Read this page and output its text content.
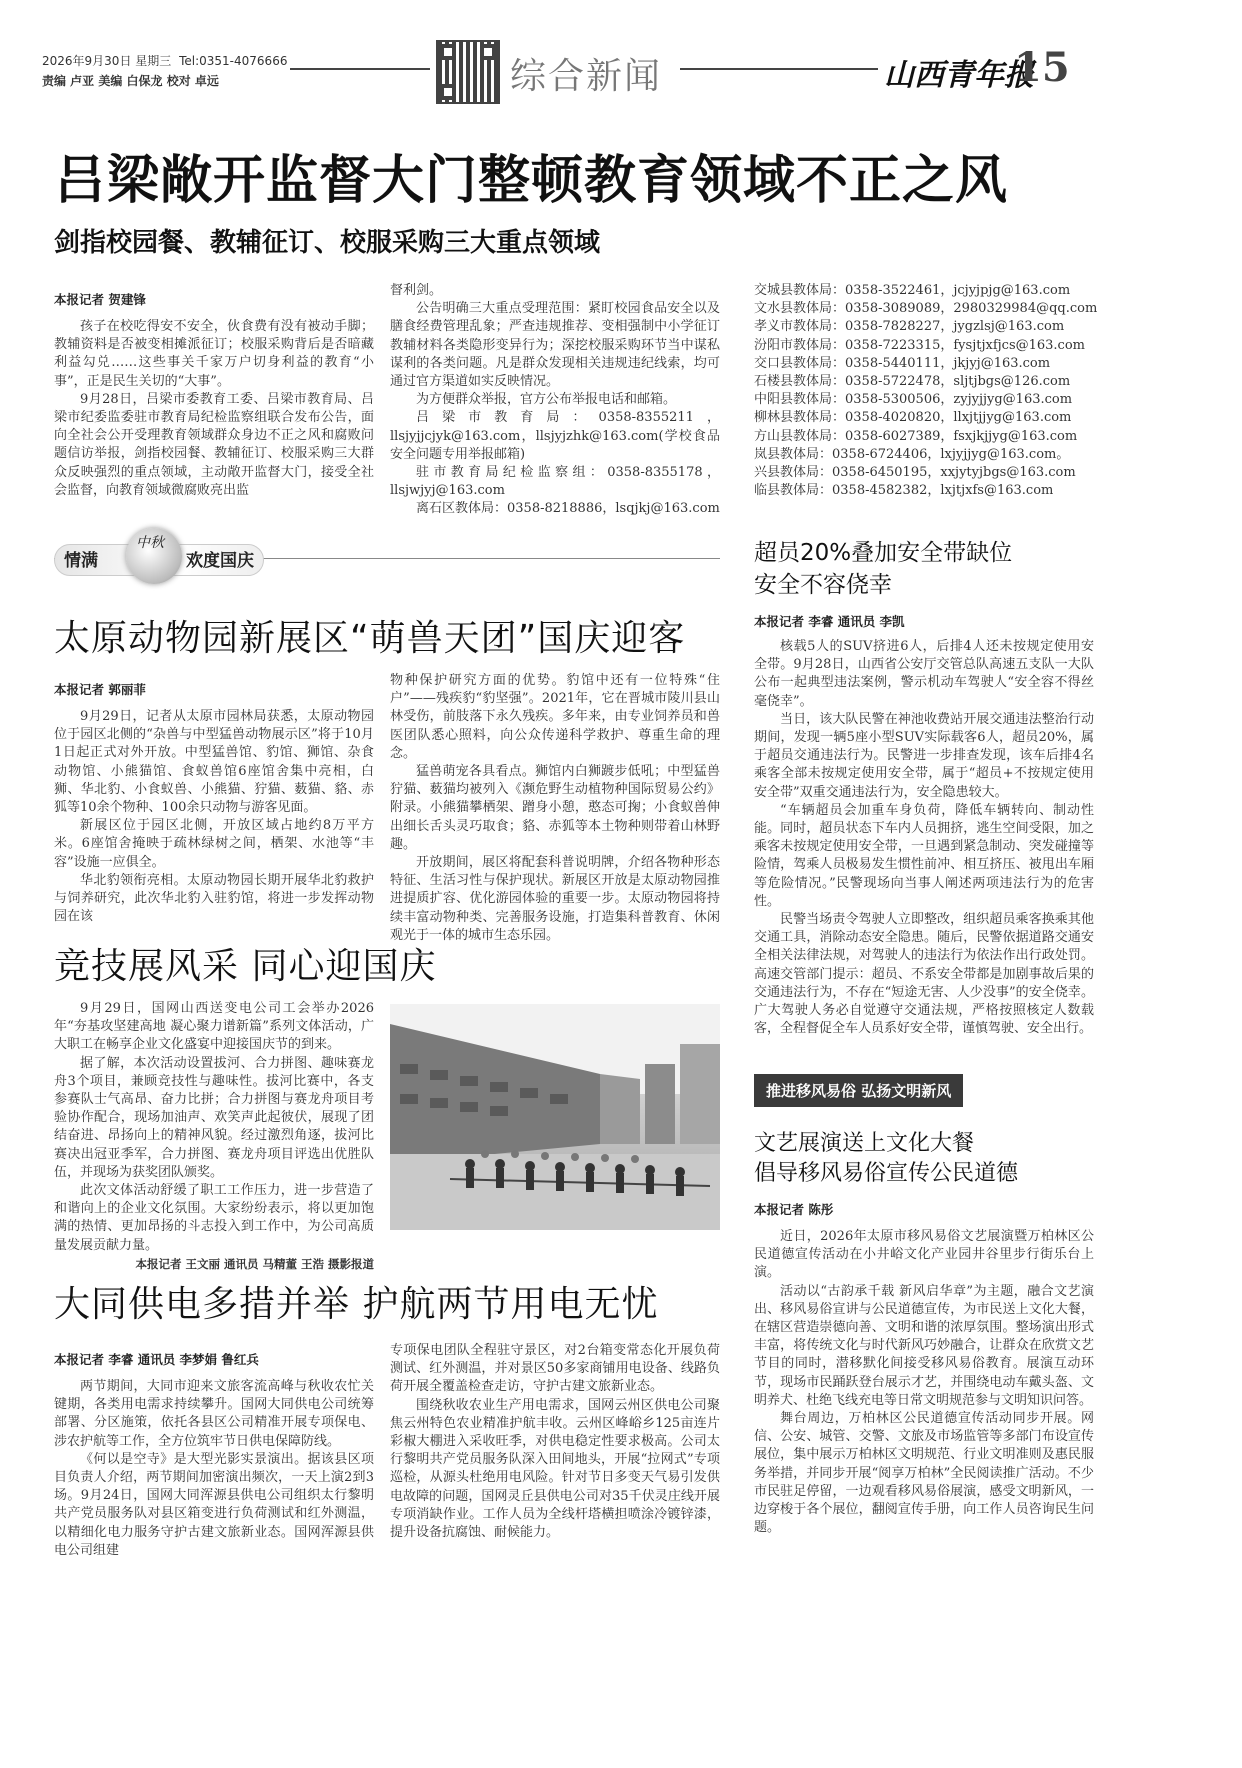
2026年9月30日 星期三 Tel:0351-4076666
责编 卢亚 美编 白保龙 校对 卓远	综合新闻	山西青年报
15
吕梁敞开监督大门整顿教育领域不正之风
剑指校园餐、教辅征订、校服采购三大重点领域
本报记者 贺建锋

孩子在校吃得安不安全，伙食费有没有被动手脚；教辅资料是否被变相摊派征订；校服采购背后是否暗藏利益勾兑……这些事关千家万户切身利益的教育“小事”，正是民生关切的“大事”。

9月28日，吕梁市委教育工委、吕梁市教育局、吕梁市纪委监委驻市教育局纪检监察组联合发布公告，面向全社会公开受理教育领域群众身边不正之风和腐败问题信访举报，剑指校园餐、教辅征订、校服采购三大群众反映强烈的重点领域，主动敞开监督大门，接受全社会监督，向教育领域微腐败亮出监

督利剑。

公告明确三大重点受理范围：紧盯校园食品安全以及膳食经费管理乱象；严查违规推荐、变相强制中小学征订教辅材料各类隐形变异行为；深挖校服采购环节当中谋私谋利的各类问题。凡是群众发现相关违规违纪线索，均可通过官方渠道如实反映情况。

为方便群众举报，官方公布举报电话和邮箱。

吕梁市教育局：0358-8355211，llsjyjjcjyk@163.com，llsjyjzhk@163.com(学校食品安全问题专用举报邮箱)

驻市教育局纪检监察组：0358-8355178，llsjwjyj@163.com

离石区教体局：0358-8218886，lsqjkj@163.com

交城县教体局：0358-3522461，jcjyjpjg@163.com
文水县教体局：0358-3089089，2980329984@qq.com
孝义市教体局：0358-7828227，jygzlsj@163.com
汾阳市教体局：0358-7223315，fysjtjxfjcs@163.com
交口县教体局：0358-5440111，jkjyj@163.com
石楼县教体局：0358-5722478，sljtjbgs@126.com
中阳县教体局：0358-5300506，zyjyjjyg@163.com
柳林县教体局：0358-4020820，llxjtjjyg@163.com
方山县教体局：0358-6027389，fsxjkjjyg@163.com
岚县教体局：0358-6724406，lxjyjjyg@163.com。
兴县教体局：0358-6450195，xxjytyjbgs@163.com
临县教体局：0358-4582382，lxjtjxfs@163.com
情满
中秋
欢度国庆
太原动物园新展区“萌兽天团”国庆迎客
本报记者 郭丽菲

9月29日，记者从太原市园林局获悉，太原动物园位于园区北侧的“杂兽与中型猛兽动物展示区”将于10月1日起正式对外开放。中型猛兽馆、豹馆、狮馆、杂食动物馆、小熊猫馆、食蚁兽馆6座馆舍集中亮相，白狮、华北豹、小食蚁兽、小熊猫、狞猫、薮猫、貉、赤狐等10余个物种、100余只动物与游客见面。

新展区位于园区北侧，开放区域占地约8万平方米。6座馆舍掩映于疏林绿树之间，栖架、水池等“丰容”设施一应俱全。

华北豹领衔亮相。太原动物园长期开展华北豹救护与饲养研究，此次华北豹入驻豹馆，将进一步发挥动物园在该

物种保护研究方面的优势。豹馆中还有一位特殊“住户”——残疾豹“豹坚强”。2021年，它在晋城市陵川县山林受伤，前肢落下永久残疾。多年来，由专业饲养员和兽医团队悉心照料，向公众传递科学救护、尊重生命的理念。

猛兽萌宠各具看点。狮馆内白狮踱步低吼；中型猛兽狞猫、薮猫均被列入《濒危野生动植物种国际贸易公约》附录。小熊猫攀栖架、蹭身小憩，憨态可掬；小食蚁兽伸出细长舌头灵巧取食；貉、赤狐等本土物种则带着山林野趣。

开放期间，展区将配套科普说明牌，介绍各物种形态特征、生活习性与保护现状。新展区开放是太原动物园推进提质扩容、优化游园体验的重要一步。太原动物园将持续丰富动物种类、完善服务设施，打造集科普教育、休闲观光于一体的城市生态乐园。

竞技展风采 同心迎国庆

9月29日，国网山西送变电公司工会举办2026年“夯基攻坚建高地 凝心聚力谱新篇”系列文体活动，广大职工在畅享企业文化盛宴中迎接国庆节的到来。

据了解，本次活动设置拔河、合力拼图、趣味赛龙舟3个项目，兼顾竞技性与趣味性。拔河比赛中，各支参赛队士气高昂、奋力比拼；合力拼图与赛龙舟项目考验协作配合，现场加油声、欢笑声此起彼伏，展现了团结奋进、昂扬向上的精神风貌。经过激烈角逐，拔河比赛决出冠亚季军，合力拼图、赛龙舟项目评选出优胜队伍，并现场为获奖团队颁奖。

此次文体活动舒缓了职工工作压力，进一步营造了和谐向上的企业文化氛围。大家纷纷表示，将以更加饱满的热情、更加昂扬的斗志投入到工作中，为公司高质量发展贡献力量。

本报记者 王文丽 通讯员 马精董 王浩 摄影报道
大同供电多措并举 护航两节用电无忧
本报记者 李睿 通讯员 李梦娟 鲁红兵

两节期间，大同市迎来文旅客流高峰与秋收农忙关键期，各类用电需求持续攀升。国网大同供电公司统筹部署、分区施策，依托各县区公司精准开展专项保电、涉农护航等工作，全方位筑牢节日供电保障防线。

《何以是空寺》是大型光影实景演出。据该县区项目负责人介绍，两节期间加密演出频次，一天上演2到3场。9月24日，国网大同浑源县供电公司组织太行黎明共产党员服务队对县区箱变进行负荷测试和红外测温，以精细化电力服务守护古建文旅新业态。国网浑源县供电公司组建

专项保电团队全程驻守景区，对2台箱变常态化开展负荷测试、红外测温，并对景区50多家商铺用电设备、线路负荷开展全覆盖检查走访，守护古建文旅新业态。

围绕秋收农业生产用电需求，国网云州区供电公司聚焦云州特色农业精准护航丰收。云州区峰峪乡125亩连片彩椒大棚进入采收旺季，对供电稳定性要求极高。公司太行黎明共产党员服务队深入田间地头，开展“拉网式”专项巡检，从源头杜绝用电风险。针对节日多变天气易引发供电故障的问题，国网灵丘县供电公司对35千伏灵庄线开展专项消缺作业。工作人员为全线杆塔横担喷涂冷镀锌漆，提升设备抗腐蚀、耐候能力。

超员20%叠加安全带缺位
安全不容侥幸
本报记者 李睿 通讯员 李凯

核载5人的SUV挤进6人，后排4人还未按规定使用安全带。9月28日，山西省公安厅交管总队高速五支队一大队公布一起典型违法案例，警示机动车驾驶人“安全容不得丝毫侥幸”。

当日，该大队民警在神池收费站开展交通违法整治行动期间，发现一辆5座小型SUV实际载客6人，超员20%，属于超员交通违法行为。民警进一步排查发现，该车后排4名乘客全部未按规定使用安全带，属于“超员+不按规定使用安全带”双重交通违法行为，安全隐患较大。

“车辆超员会加重车身负荷，降低车辆转向、制动性能。同时，超员状态下车内人员拥挤，逃生空间受限，加之乘客未按规定使用安全带，一旦遇到紧急制动、突发碰撞等险情，驾乘人员极易发生惯性前冲、相互挤压、被甩出车厢等危险情况。”民警现场向当事人阐述两项违法行为的危害性。

民警当场责令驾驶人立即整改，组织超员乘客换乘其他交通工具，消除动态安全隐患。随后，民警依据道路交通安全相关法律法规，对驾驶人的违法行为依法作出行政处罚。高速交管部门提示：超员、不系安全带都是加剧事故后果的交通违法行为，不存在“短途无害、人少没事”的安全侥幸。广大驾驶人务必自觉遵守交通法规，严格按照核定人数载客，全程督促全车人员系好安全带，谨慎驾驶、安全出行。

推进移风易俗 弘扬文明新风
文艺展演送上文化大餐
倡导移风易俗宣传公民道德
本报记者 陈彤

近日，2026年太原市移风易俗文艺展演暨万柏林区公民道德宣传活动在小井峪文化产业园井谷里步行街乐台上演。

活动以“古韵承千载 新风启华章”为主题，融合文艺演出、移风易俗宣讲与公民道德宣传，为市民送上文化大餐，在辖区营造崇德向善、文明和谐的浓厚氛围。整场演出形式丰富，将传统文化与时代新风巧妙融合，让群众在欣赏文艺节目的同时，潜移默化间接受移风易俗教育。展演互动环节，现场市民踊跃登台展示才艺，并围绕电动车戴头盔、文明养犬、杜绝飞线充电等日常文明规范参与文明知识问答。

舞台周边，万柏林区公民道德宣传活动同步开展。网信、公安、城管、交警、文旅及市场监管等多部门布设宣传展位，集中展示万柏林区文明规范、行业文明准则及惠民服务举措，并同步开展“阅享万柏林”全民阅读推广活动。不少市民驻足停留，一边观看移风易俗展演，感受文明新风，一边穿梭于各个展位，翻阅宣传手册，向工作人员咨询民生问题。
